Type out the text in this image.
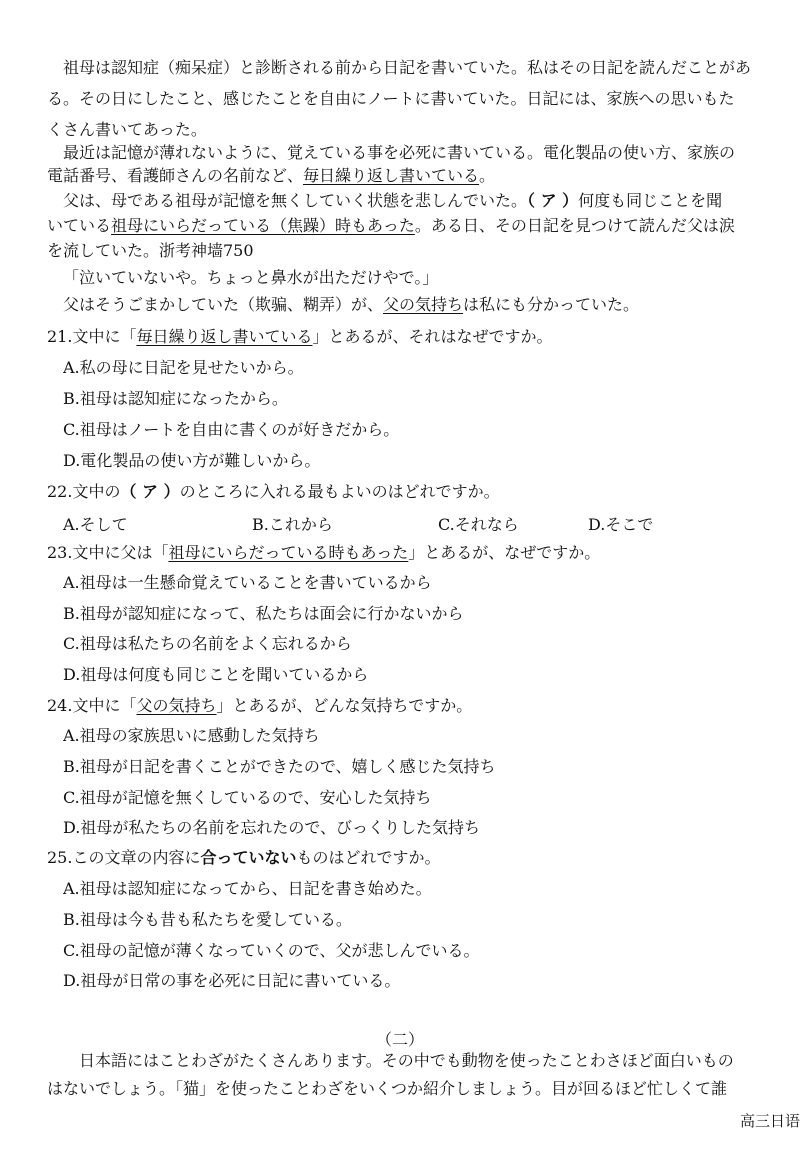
祖母は認知症（痴呆症）と診断される前から日記を書いていた。私はその日記を読んだことがあ
る。その日にしたこと、感じたことを自由にノートに書いていた。日記には、家族への思いもた
くさん書いてあった。
最近は記憶が薄れないように、覚えている事を必死に書いている。電化製品の使い方、家族の
電話番号、看護師さんの名前など、毎日繰り返し書いている。
父は、母である祖母が記憶を無くしていく状態を悲しんでいた。（ ア ）何度も同じことを聞
いている祖母にいらだっている（焦躁）時もあった。ある日、その日記を見つけて読んだ父は涙
を流していた。浙考神墙750
「泣いていないや。ちょっと鼻水が出ただけやで。」
父はそうごまかしていた（欺骗、糊弄）が、父の気持ちは私にも分かっていた。
21.文中に「毎日繰り返し書いている」とあるが、それはなぜですか。
A.私の母に日記を見せたいから。
B.祖母は認知症になったから。
C.祖母はノートを自由に書くのが好きだから。
D.電化製品の使い方が難しいから。
22.文中の（ ア ）のところに入れる最もよいのはどれですか。
A.そして	B.これから	C.それなら	D.そこで
23.文中に父は「祖母にいらだっている時もあった」とあるが、なぜですか。
A.祖母は一生懸命覚えていることを書いているから
B.祖母が認知症になって、私たちは面会に行かないから
C.祖母は私たちの名前をよく忘れるから
D.祖母は何度も同じことを聞いているから
24.文中に「父の気持ち」とあるが、どんな気持ちですか。
A.祖母の家族思いに感動した気持ち
B.祖母が日記を書くことができたので、嬉しく感じた気持ち
C.祖母が記憶を無くしているので、安心した気持ち
D.祖母が私たちの名前を忘れたので、びっくりした気持ち
25.この文章の内容に合っていないものはどれですか。
A.祖母は認知症になってから、日記を書き始めた。
B.祖母は今も昔も私たちを愛している。
C.祖母の記憶が薄くなっていくので、父が悲しんでいる。
D.祖母が日常の事を必死に日記に書いている。
（二）
日本語にはことわざがたくさんあります。その中でも動物を使ったことわさほど面白いもの
はないでしょう。「猫」を使ったことわざをいくつか紹介しましょう。目が回るほど忙しくて誰
高三日语
